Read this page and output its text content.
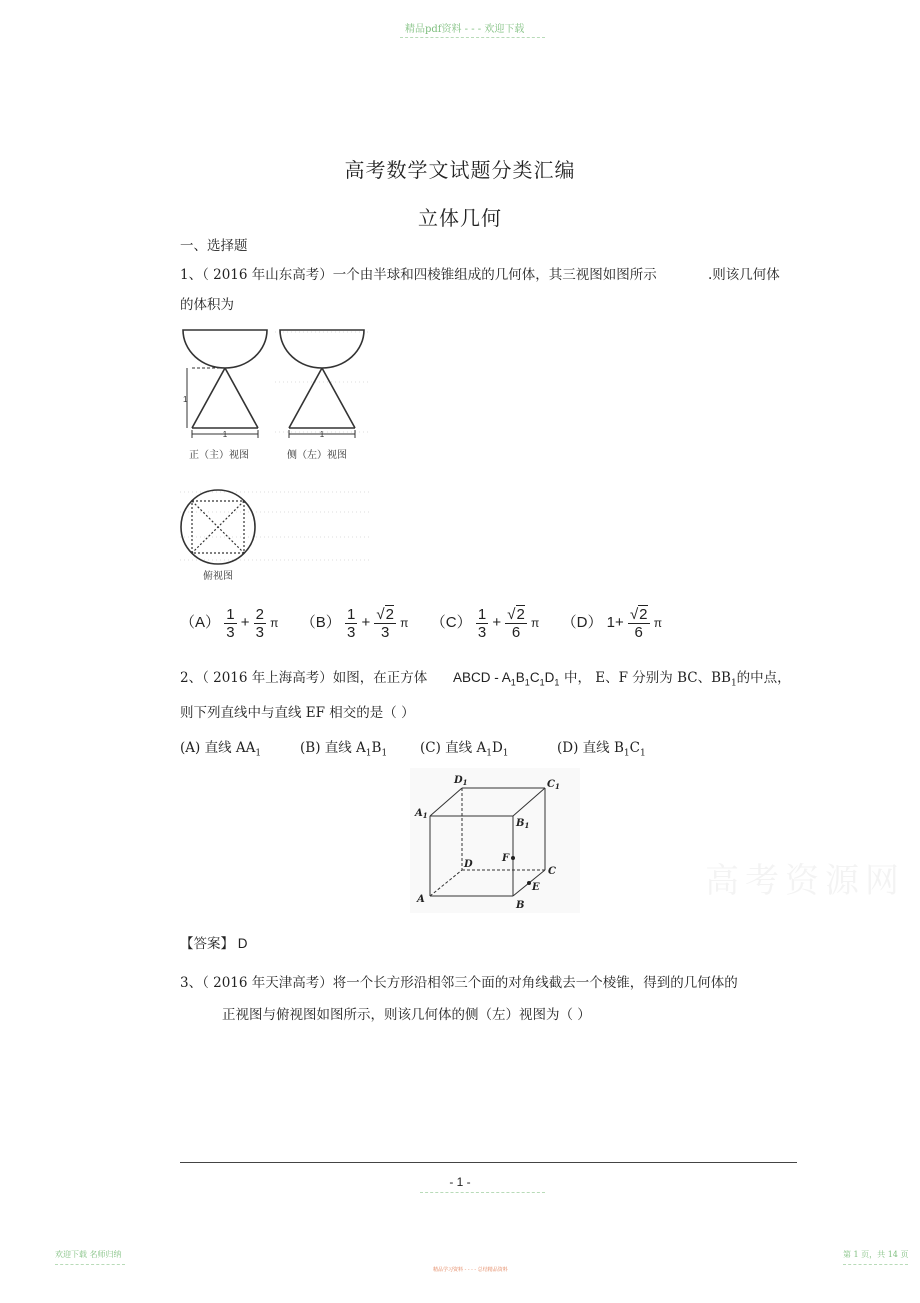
精品pdf资料 - - - 欢迎下载
高考数学文试题分类汇编
立体几何
一、选择题
1、（ 2016 年山东高考）一个由半球和四棱锥组成的几何体，其三视图如图所示	.则该几何体
的体积为
1
1
1
正（主）视图	侧（左）视图
俯视图
$(A) \frac{1}{3} + \frac{2}{3}$ π $(B) \frac{1}{3} + \frac{√2}{3}$ π $(C) \frac{1}{3} + \frac{√2}{6}$ π （D） $1+ \frac{√2}{6}$ π
2、（ 2016 年上海高考）如图，在正方体 ABCD - $A_1B_1C_1D_1$ 中， E、F 分别为 BC、$BB_1$的中点，
则下列直线中与直线 EF 相交的是（ ）
(A) 直线 $AA_1$	(B) 直线 $A_1B_1$ (C) 直线 $A_1D_1$	(D) 直线 $B_1C_1$
$D_1$	$C_1$
$A_1$
$B_1$
D
F
C
E
A
B
高考资源网
【答案】 D
3、（ 2016 年天津高考）将一个长方形沿相邻三个面的对角线截去一个棱锥，得到的几何体的
正视图与俯视图如图所示，则该几何体的侧（左）视图为（ ）
- 1 -
欢迎下载 名师归纳
精品学习资料 - - - - 总结精品资料
第 1 页，共 14 页
